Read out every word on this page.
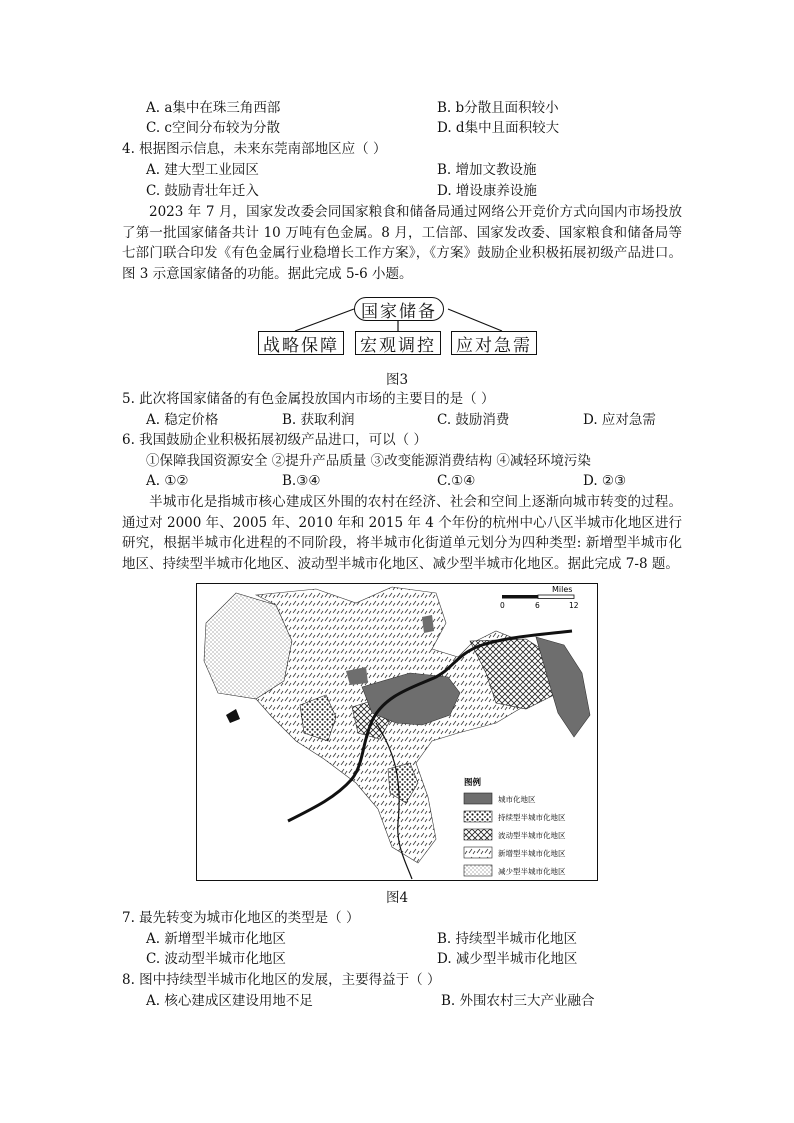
A. a集中在珠三角西部	B. b分散且面积较小
C. c空间分布较为分散	D. d集中且面积较大
4. 根据图示信息，未来东莞南部地区应（ ）
A. 建大型工业园区	B. 增加文教设施
C. 鼓励青壮年迁入	D. 增设康养设施
2023 年 7 月，国家发改委会同国家粮食和储备局通过网络公开竞价方式向国内市场投放了第一批国家储备共计 10 万吨有色金属。8 月，工信部、国家发改委、国家粮食和储备局等七部门联合印发《有色金属行业稳增长工作方案》，《方案》鼓励企业积极拓展初级产品进口。图 3 示意国家储备的功能。据此完成 5-6 小题。
国家储备
战略保障 宏观调控 应对急需
图3
5. 此次将国家储备的有色金属投放国内市场的主要目的是（ ）
A. 稳定价格	B. 获取利润	C. 鼓励消费	D. 应对急需
6. 我国鼓励企业积极拓展初级产品进口，可以（ ）
①保障我国资源安全 ②提升产品质量 ③改变能源消费结构 ④减轻环境污染
A. ①②	B.③④	C.①④	D. ②③
半城市化是指城市核心建成区外围的农村在经济、社会和空间上逐渐向城市转变的过程。通过对 2000 年、2005 年、2010 年和 2015 年 4 个年份的杭州中心八区半城市化地区进行研究，根据半城市化进程的不同阶段，将半城市化街道单元划分为四种类型: 新增型半城市化地区、持续型半城市化地区、波动型半城市化地区、减少型半城市化地区。据此完成 7-8 题。
Miles
0	6	12
图例
城市化地区
持续型半城市化地区
波动型半城市化地区
新增型半城市化地区
减少型半城市化地区
图4
7. 最先转变为城市化地区的类型是（ ）
A. 新增型半城市化地区	B. 持续型半城市化地区
C. 波动型半城市化地区	D. 减少型半城市化地区
8. 图中持续型半城市化地区的发展，主要得益于（ ）
A. 核心建成区建设用地不足	B. 外围农村三大产业融合
